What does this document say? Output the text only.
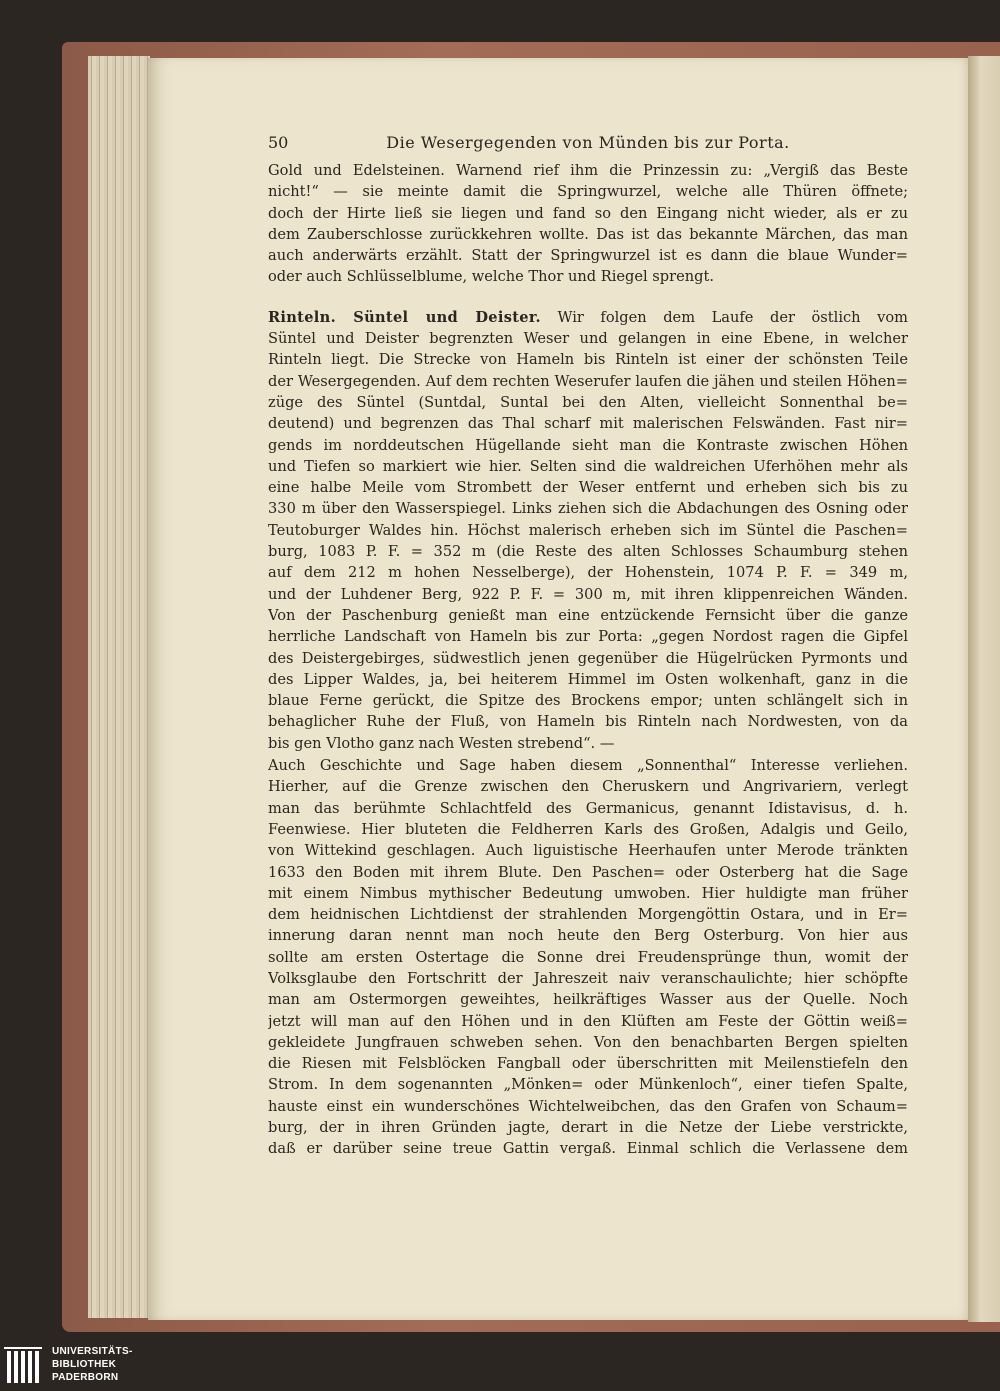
50	Die Wesergegenden von Münden bis zur Porta.
Gold und Edelsteinen. Warnend rief ihm die Prinzessin zu: „Vergiß das Beste
nicht!“ — sie meinte damit die Springwurzel, welche alle Thüren öffnete;
doch der Hirte ließ sie liegen und fand so den Eingang nicht wieder, als er zu
dem Zauberschlosse zurückkehren wollte. Das ist das bekannte Märchen, das man
auch anderwärts erzählt. Statt der Springwurzel ist es dann die blaue Wunder=
oder auch Schlüsselblume, welche Thor und Riegel sprengt.
Rinteln. Süntel und Deister. Wir folgen dem Laufe der östlich vom
Süntel und Deister begrenzten Weser und gelangen in eine Ebene, in welcher
Rinteln liegt. Die Strecke von Hameln bis Rinteln ist einer der schönsten Teile
der Wesergegenden. Auf dem rechten Weserufer laufen die jähen und steilen Höhen=
züge des Süntel (Suntdal, Suntal bei den Alten, vielleicht Sonnenthal be=
deutend) und begrenzen das Thal scharf mit malerischen Felswänden. Fast nir=
gends im norddeutschen Hügellande sieht man die Kontraste zwischen Höhen
und Tiefen so markiert wie hier. Selten sind die waldreichen Uferhöhen mehr als
eine halbe Meile vom Strombett der Weser entfernt und erheben sich bis zu
330 m über den Wasserspiegel. Links ziehen sich die Abdachungen des Osning oder
Teutoburger Waldes hin. Höchst malerisch erheben sich im Süntel die Paschen=
burg, 1083 P. F. = 352 m (die Reste des alten Schlosses Schaumburg stehen
auf dem 212 m hohen Nesselberge), der Hohenstein, 1074 P. F. = 349 m,
und der Luhdener Berg, 922 P. F. = 300 m, mit ihren klippenreichen Wänden.
Von der Paschenburg genießt man eine entzückende Fernsicht über die ganze
herrliche Landschaft von Hameln bis zur Porta: „gegen Nordost ragen die Gipfel
des Deistergebirges, südwestlich jenen gegenüber die Hügelrücken Pyrmonts und
des Lipper Waldes, ja, bei heiterem Himmel im Osten wolkenhaft, ganz in die
blaue Ferne gerückt, die Spitze des Brockens empor; unten schlängelt sich in
behaglicher Ruhe der Fluß, von Hameln bis Rinteln nach Nordwesten, von da
bis gen Vlotho ganz nach Westen strebend“. —
Auch Geschichte und Sage haben diesem „Sonnenthal“ Interesse verliehen.
Hierher, auf die Grenze zwischen den Cheruskern und Angrivariern, verlegt
man das berühmte Schlachtfeld des Germanicus, genannt Idistavisus, d. h.
Feenwiese. Hier bluteten die Feldherren Karls des Großen, Adalgis und Geilo,
von Wittekind geschlagen. Auch liguistische Heerhaufen unter Merode tränkten
1633 den Boden mit ihrem Blute. Den Paschen= oder Osterberg hat die Sage
mit einem Nimbus mythischer Bedeutung umwoben. Hier huldigte man früher
dem heidnischen Lichtdienst der strahlenden Morgengöttin Ostara, und in Er=
innerung daran nennt man noch heute den Berg Osterburg. Von hier aus
sollte am ersten Ostertage die Sonne drei Freudensprünge thun, womit der
Volksglaube den Fortschritt der Jahreszeit naiv veranschaulichte; hier schöpfte
man am Ostermorgen geweihtes, heilkräftiges Wasser aus der Quelle. Noch
jetzt will man auf den Höhen und in den Klüften am Feste der Göttin weiß=
gekleidete Jungfrauen schweben sehen. Von den benachbarten Bergen spielten
die Riesen mit Felsblöcken Fangball oder überschritten mit Meilenstiefeln den
Strom. In dem sogenannten „Mönken= oder Münkenloch“, einer tiefen Spalte,
hauste einst ein wunderschönes Wichtelweibchen, das den Grafen von Schaum=
burg, der in ihren Gründen jagte, derart in die Netze der Liebe verstrickte,
daß er darüber seine treue Gattin vergaß. Einmal schlich die Verlassene dem
UNIVERSITÄTS-
BIBLIOTHEK
PADERBORN
